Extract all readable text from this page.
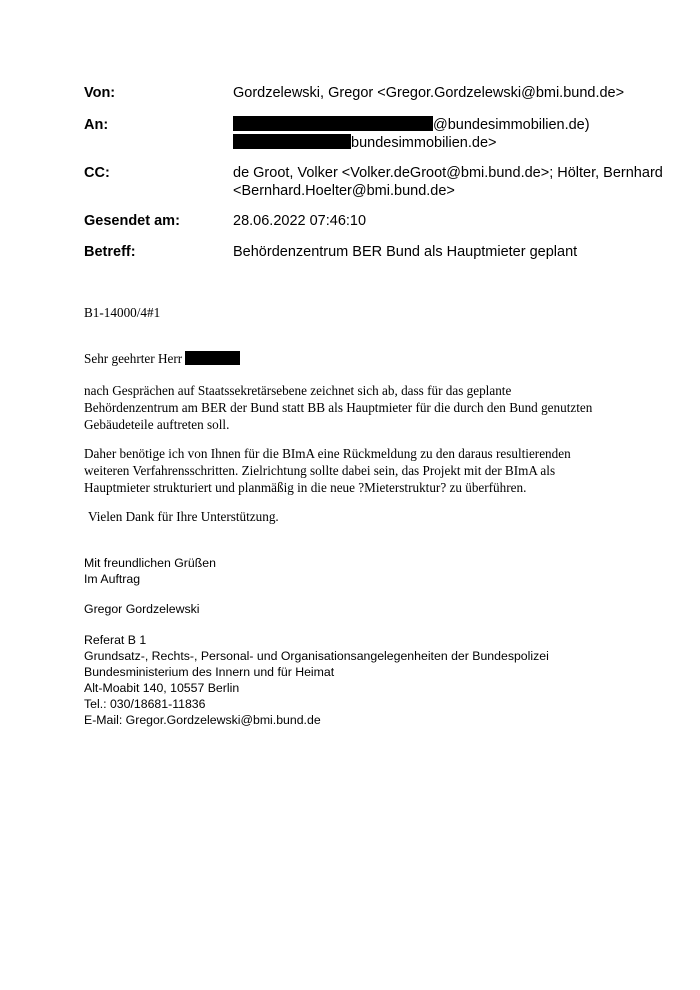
Von:	Gordzelewski, Gregor <Gregor.Gordzelewski@bmi.bund.de>
An:	@bundesimmobilien.de)
bundesimmobilien.de>
CC:	de Groot, Volker <Volker.deGroot@bmi.bund.de>; Hölter, Bernhard
<Bernhard.Hoelter@bmi.bund.de>
Gesendet am:	28.06.2022 07:46:10
Betreff:	Behördenzentrum BER Bund als Hauptmieter geplant

B1-14000/4#1

Sehr geehrter Herr

nach Gesprächen auf Staatssekretärsebene zeichnet sich ab, dass für das geplante

Behördenzentrum am BER der Bund statt BB als Hauptmieter für die durch den Bund genutzten

Gebäudeteile auftreten soll.

Daher benötige ich von Ihnen für die BImA eine Rückmeldung zu den daraus resultierenden

weiteren Verfahrensschritten. Zielrichtung sollte dabei sein, das Projekt mit der BImA als

Hauptmieter strukturiert und planmäßig in die neue ?Mieterstruktur? zu überführen.

Vielen Dank für Ihre Unterstützung.

Mit freundlichen Grüßen

Im Auftrag

Gregor Gordzelewski

Referat B 1

Grundsatz-, Rechts-, Personal- und Organisationsangelegenheiten der Bundespolizei

Bundesministerium des Innern und für Heimat

Alt-Moabit 140, 10557 Berlin

Tel.: 030/18681-11836

E-Mail: Gregor.Gordzelewski@bmi.bund.de
